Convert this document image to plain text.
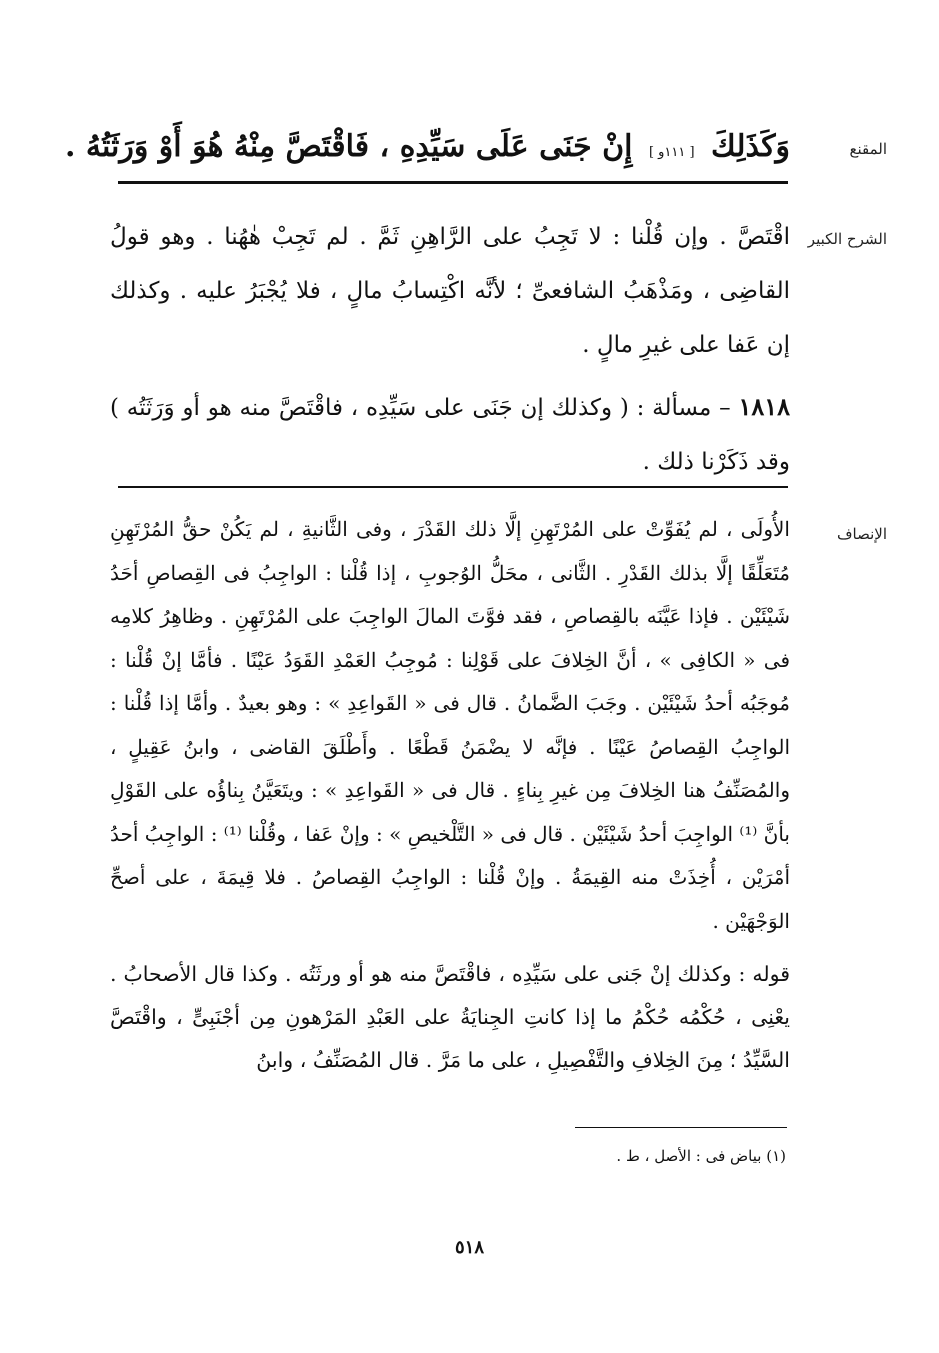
المقنع
وَكَذَلِكَ [ ١١١و ] إِنْ جَنَى عَلَى سَيِّدِهِ ، فَاقْتَصَّ مِنْهُ هُوَ أَوْ وَرَثَتُهُ .
الشرح الكبير

اقْتَصَّ . وإن قُلْنا : لا تَجِبُ على الرَّاهِنِ ثَمَّ . لم تَجِبْ هٰهُنا . وهو قولُ القاضِى ، ومَذْهَبُ الشافعىِّ ؛ لأنَّه اكْتِسابُ مالٍ ، فلا يُجْبَرُ عليه . وكذلك إن عَفا على غيرِ مالٍ .

١٨١٨ – مسألة : ( وكذلك إن جَنَى على سَيِّدِه ، فاقْتَصَّ منه هو أو وَرَثَتُه ) وقد ذَكَرْنا ذلك .

الإنصاف

الأُولَى ، لم يُفَوِّتْ على المُرْتَهِنِ إلَّا ذلك القَدْرَ ، وفى الثَّانيةِ ، لم يَكُنْ حقُّ المُرْتَهِنِ مُتَعَلِّقًا إلَّا بذلك القَدْرِ . الثَّانى ، محَلُّ الوُجوبِ ، إذا قُلْنا : الواجِبُ فى القِصاصِ أحَدُ شَيْئَيْن . فإذا عَيَّنَه بالقِصاصِ ، فقد فوَّتَ المالَ الواجِبَ على المُرْتَهِنِ . وظاهِرُ كلامِه فى « الكافِى » ، أنَّ الخِلافَ على قَوْلِنا : مُوجِبُ العَمْدِ القَوَدُ عَيْنًا . فأمَّا إنْ قُلْنا : مُوجَبُه أحدُ شَيْئَيْن . وجَبَ الضَّمانُ . قال فى « القَواعِدِ » : وهو بعيدٌ . وأمَّا إذا قُلْنا : الواجِبُ القِصاصُ عَيْنًا . فإنَّه لا يضْمَنُ قَطْعًا . وأَطْلَقَ القاضى ، وابنُ عَقِيلٍ ، والمُصَنِّفُ هنا الخِلافَ مِن غيرِ بِناءٍ . قال فى « القَواعِدِ » : ويتَعَيَّنُ بِناؤُه على القَوْلِ بأنَّ ⁽¹⁾ الواجِبَ أحدُ شَيْئَيْن . قال فى « التَّلْخيصِ » : وإنْ عَفا ، وقُلْنا ⁽¹⁾ : الواجِبُ أحدُ أمْرَيْن ، أُخِذَتْ منه القِيمَةُ . وإنْ قُلْنا : الواجِبُ القِصاصُ . فلا قِيمَةَ ، على أصحِّ الوَجْهَيْن .

قوله : وكذلك إنْ جَنى على سَيِّدِه ، فاقْتَصَّ منه هو أو ورثَتُه . وكذا قال الأصحابُ . يعْنِى ، حُكْمُه حُكْمُ ما إذا كانتِ الجِنايَةُ على العَبْدِ المَرْهونِ مِن أجْنَبِىٍّ ، واقْتَصَّ السَّيِّدُ ؛ مِنَ الخِلافِ والتَّفْصِيلِ ، على ما مَرَّ . قال المُصَنِّفُ ، وابنُ

(١) بياض فى : الأصل ، ط .
٥١٨
